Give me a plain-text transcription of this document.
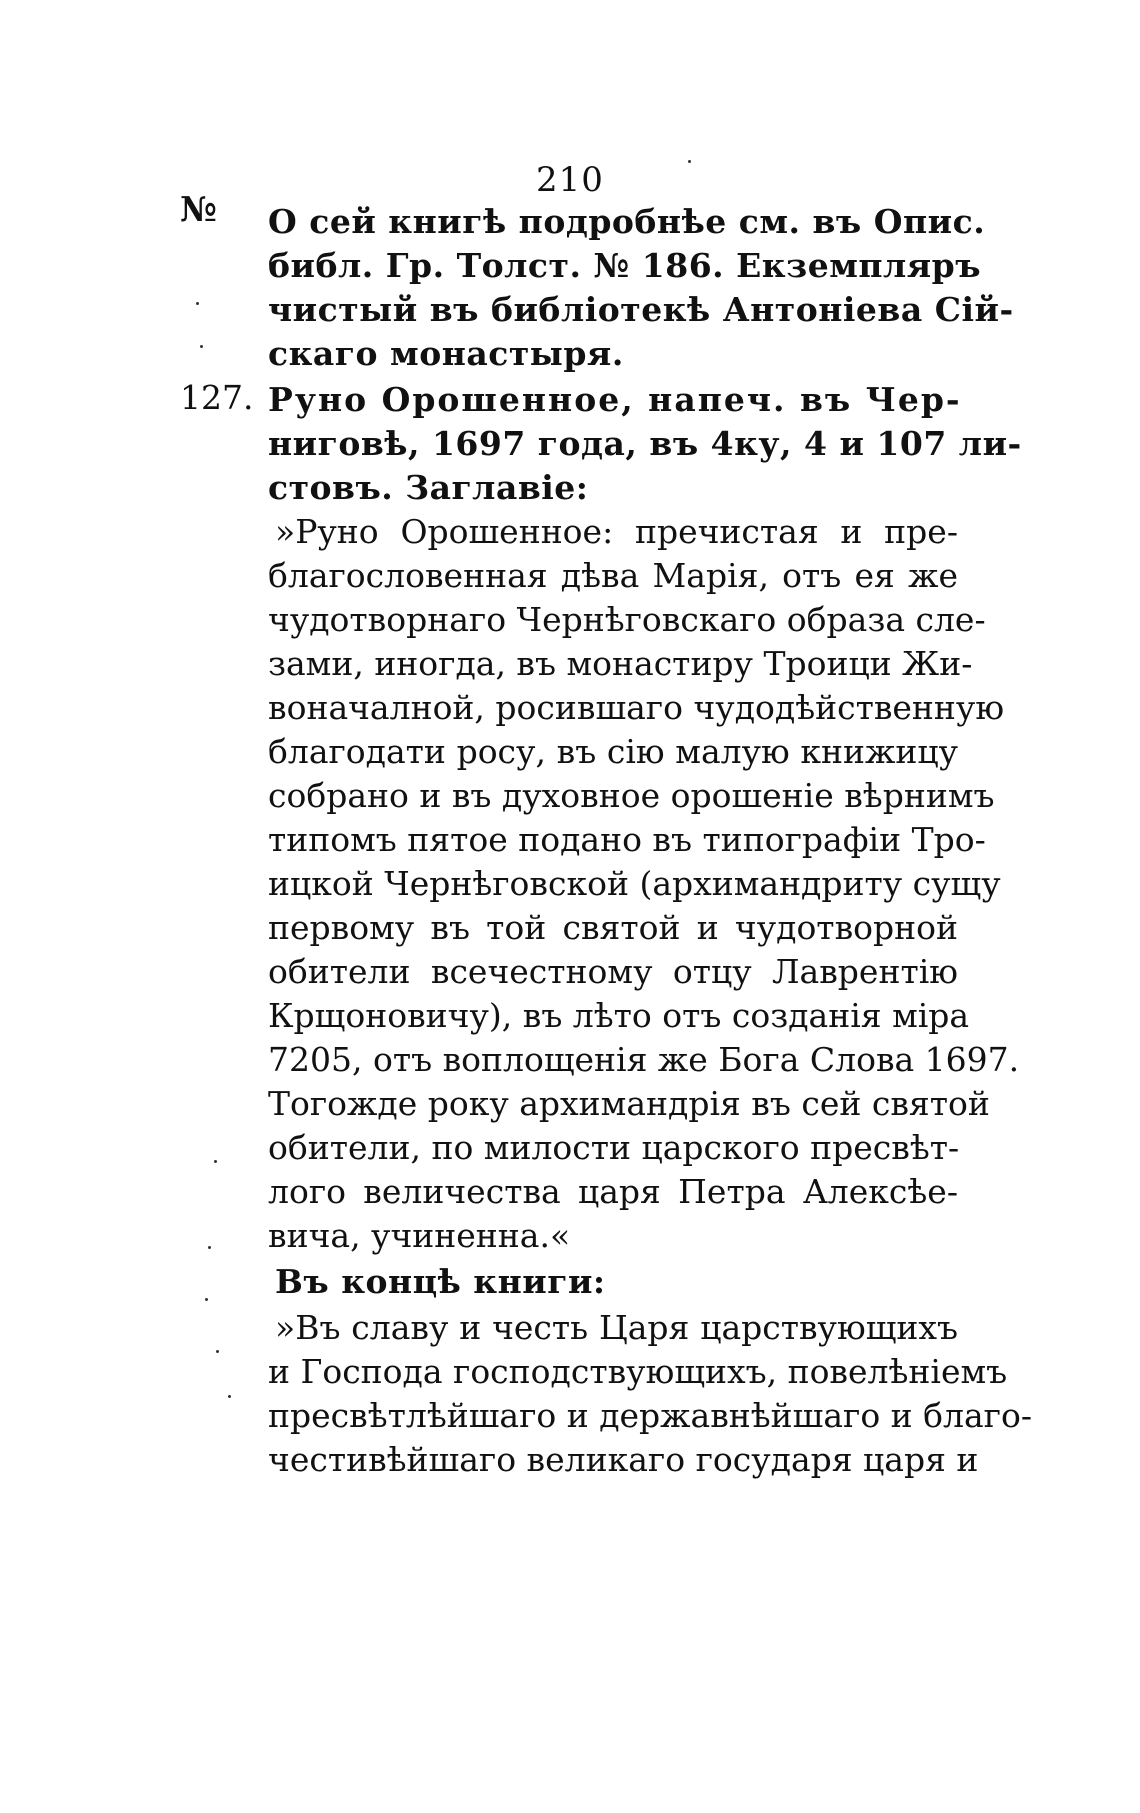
210
№ О сей книгѣ подробнѣе см. въ Опис.
библ. Гр. Толст. № 186. Екземпляръ
чистый въ библіотекѣ Антоніева Сій-
скаго монастыря.
127. Руно Орошенное, напеч. въ Чер-
ниговѣ, 1697 года, въ 4ку, 4 и 107 ли-
стовъ. Заглавіе:
»Руно Орошенное: пречистая и пре-
благословенная дѣва Марія, отъ ея же
чудотворнаго Чернѣговскаго образа сле-
зами, иногда, въ монастиру Троици Жи-
воначалной, росившаго чудодѣйственную
благодати росу, въ сію малую книжицу
собрано и въ духовное орошеніе вѣрнимъ
типомъ пятое подано въ типографіи Тро-
ицкой Чернѣговской (архимандриту сущу
первому въ той святой и чудотворной
обители всечестному отцу Лаврентію
Крщоновичу), въ лѣто отъ созданія міра
7205, отъ воплощенія же Бога Слова 1697.
Тогожде року архимандрія въ сей святой
обители, по милости царского пресвѣт-
лого величества царя Петра Алексѣе-
вича, учиненна.«
Въ концѣ книги:
»Въ славу и честь Царя царствующихъ
и Господа господствующихъ, повелѣніемъ
пресвѣтлѣйшаго и державнѣйшаго и благо-
честивѣйшаго великаго государя царя и
